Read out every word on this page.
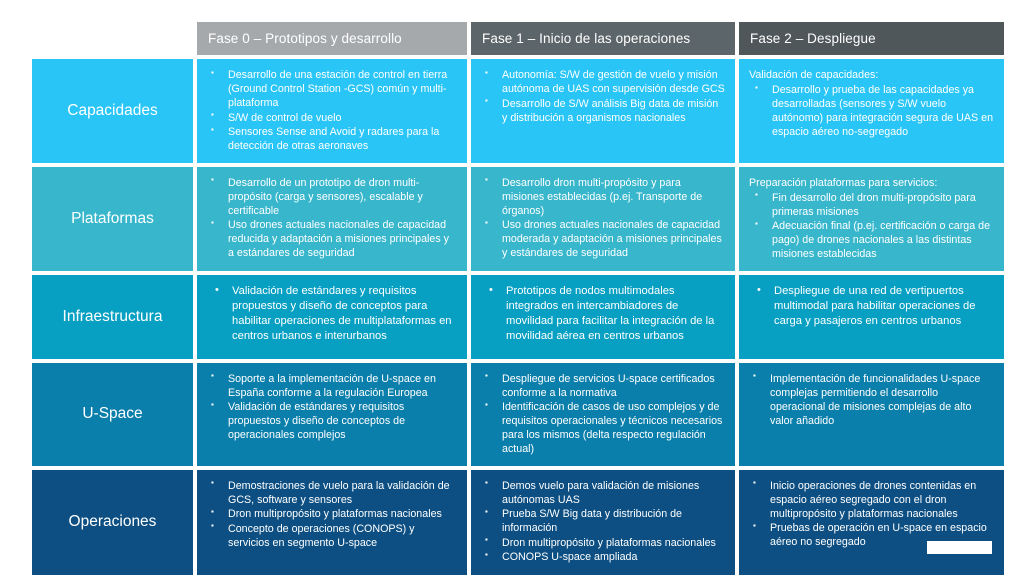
Fase 0 – Prototipos y desarrollo	Fase 1 – Inicio de las operaciones	Fase 2 – Despliegue
Capacidades
▪ Desarrollo de una estación de control en tierra (Ground Control Station -GCS) común y multi-plataforma
▪ S/W de control de vuelo
▪ Sensores Sense and Avoid y radares para la detección de otras aeronaves
▪ Autonomía: S/W de gestión de vuelo y misión autónoma de UAS con supervisión desde GCS
▪ Desarrollo de S/W análisis Big data de misión y distribución a organismos nacionales
Validación de capacidades:
▪ Desarrollo y prueba de las capacidades ya desarrolladas (sensores y S/W vuelo autónomo) para integración segura de UAS en espacio aéreo no-segregado
Plataformas
▪ Desarrollo de un prototipo de dron multi-propósito (carga y sensores), escalable y certificable
▪ Uso drones actuales nacionales de capacidad reducida y adaptación a misiones principales y a estándares de seguridad
▪ Desarrollo dron multi-propósito y para misiones establecidas (p.ej. Transporte de órganos)
▪ Uso drones actuales nacionales de capacidad moderada y adaptación a misiones principales y estándares de seguridad
Preparación plataformas para servicios:
▪ Fin desarrollo del dron multi-propósito para primeras misiones
▪ Adecuación final (p.ej. certificación o carga de pago) de drones nacionales a las distintas misiones establecidas
Infraestructura
• Validación de estándares y requisitos propuestos y diseño de conceptos para habilitar operaciones de multiplataformas en centros urbanos e interurbanos
• Prototipos de nodos multimodales integrados en intercambiadores de movilidad para facilitar la integración de la movilidad aérea en centros urbanos
• Despliegue de una red de vertipuertos multimodal para habilitar operaciones de carga y pasajeros en centros urbanos
U-Space
▪ Soporte a la implementación de U-space en España conforme a la regulación Europea
▪ Validación de estándares y requisitos propuestos y diseño de conceptos de operacionales complejos
▪ Despliegue de servicios U-space certificados conforme a la normativa
▪ Identificación de casos de uso complejos y de requisitos operacionales y técnicos necesarios para los mismos (delta respecto regulación actual)
▪ Implementación de funcionalidades U-space complejas permitiendo el desarrollo operacional de misiones complejas de alto valor añadido
Operaciones
▪ Demostraciones de vuelo para la validación de GCS, software y sensores
▪ Dron multipropósito y plataformas nacionales
▪ Concepto de operaciones (CONOPS) y servicios en segmento U-space
▪ Demos vuelo para validación de misiones autónomas UAS
▪ Prueba S/W Big data y distribución de información
▪ Dron multipropósito y plataformas nacionales
▪ CONOPS U-space ampliada
▪ Inicio operaciones de drones contenidas en espacio aéreo segregado con el dron multipropósito y plataformas nacionales
▪ Pruebas de operación en U-space en espacio aéreo no segregado
